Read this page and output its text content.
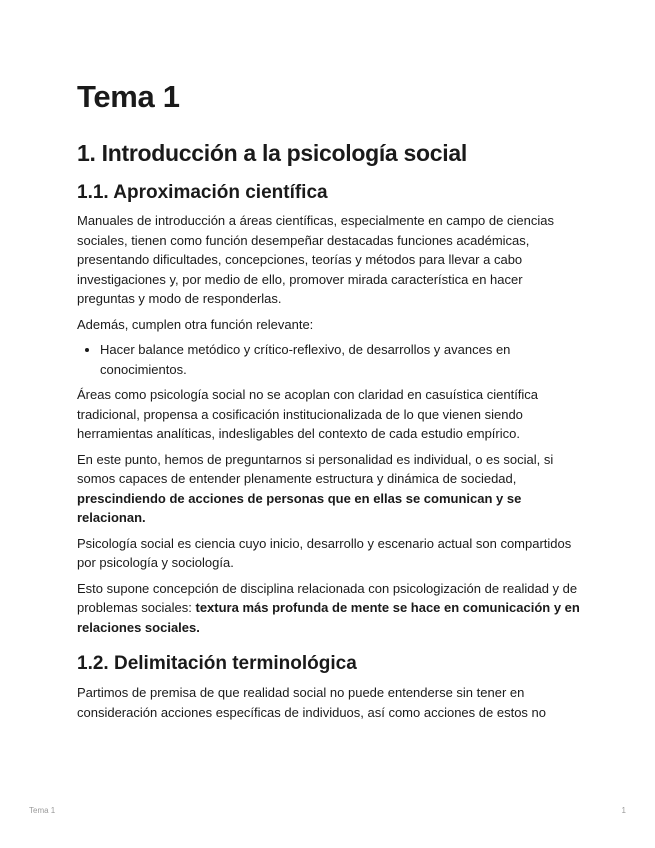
Tema 1
1. Introducción a la psicología social
1.1. Aproximación científica

Manuales de introducción a áreas científicas, especialmente en campo de ciencias sociales, tienen como función desempeñar destacadas funciones académicas, presentando dificultades, concepciones, teorías y métodos para llevar a cabo investigaciones y, por medio de ello, promover mirada característica en hacer preguntas y modo de responderlas.

Además, cumplen otra función relevante:

• Hacer balance metódico y crítico-reflexivo, de desarrollos y avances en conocimientos.

Áreas como psicología social no se acoplan con claridad en casuística científica tradicional, propensa a cosificación institucionalizada de lo que vienen siendo herramientas analíticas, indesligables del contexto de cada estudio empírico.

En este punto, hemos de preguntarnos si personalidad es individual, o es social, si somos capaces de entender plenamente estructura y dinámica de sociedad, prescindiendo de acciones de personas que en ellas se comunican y se relacionan.

Psicología social es ciencia cuyo inicio, desarrollo y escenario actual son compartidos por psicología y sociología.

Esto supone concepción de disciplina relacionada con psicologización de realidad y de problemas sociales: textura más profunda de mente se hace en comunicación y en relaciones sociales.

1.2. Delimitación terminológica

Partimos de premisa de que realidad social no puede entenderse sin tener en consideración acciones específicas de individuos, así como acciones de estos no

Tema 1	1
